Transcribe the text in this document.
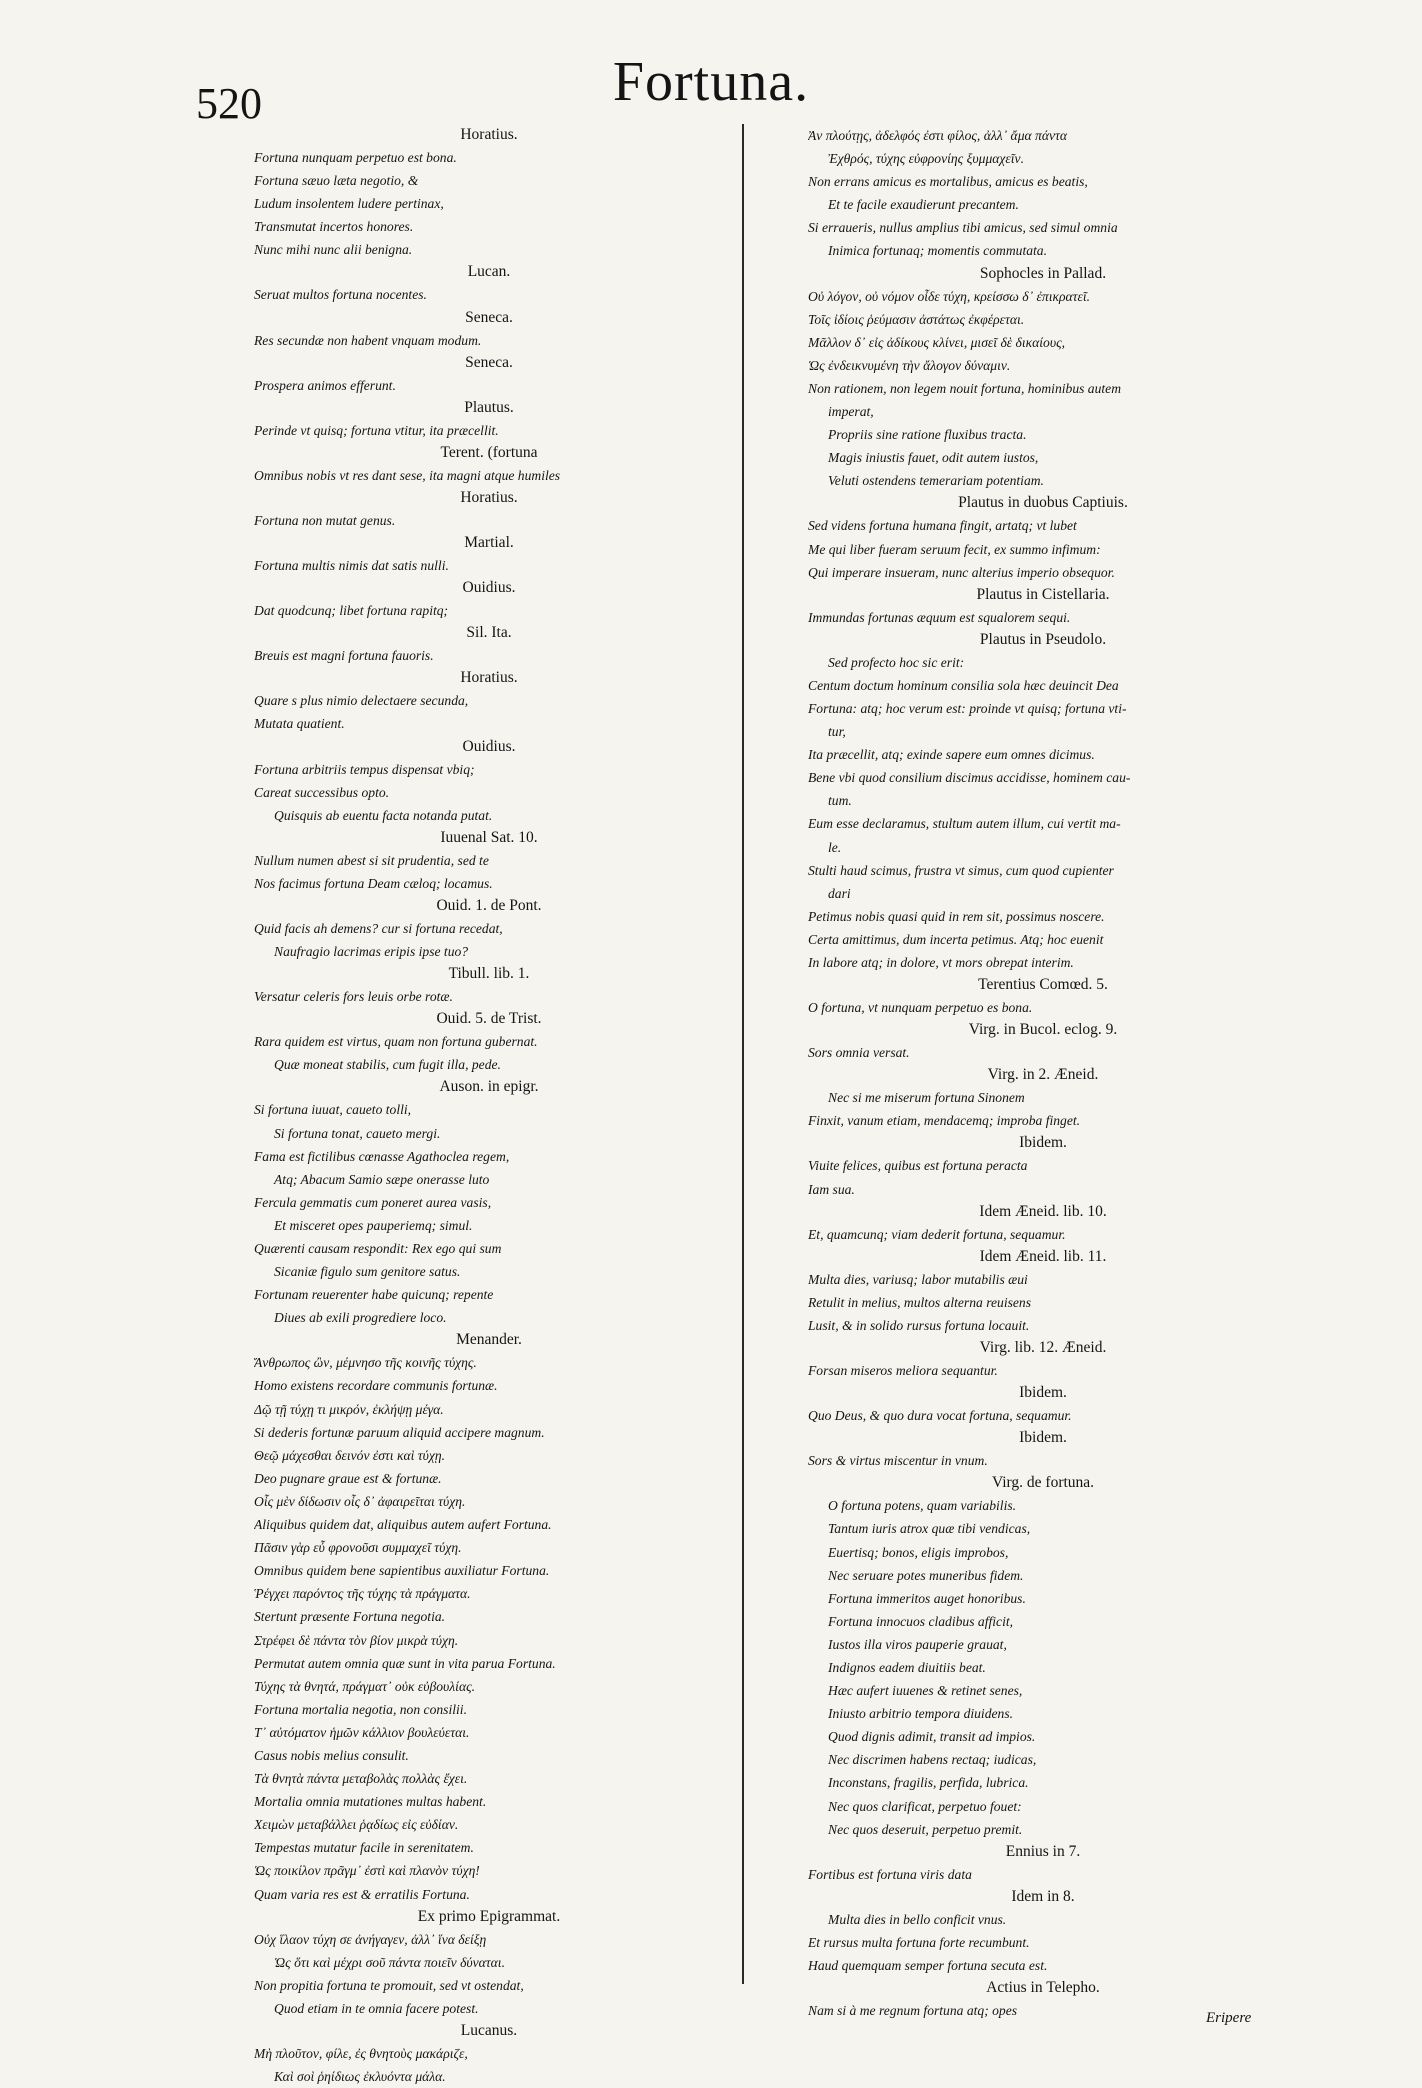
520	Fortuna.
Horatius.
Fortuna nunquam perpetuo est bona.
Fortuna sæuo læta negotio, &
Ludum insolentem ludere pertinax,
Transmutat incertos honores.
Nunc mihi nunc alii benigna.
Lucan.
Seruat multos fortuna nocentes.
Seneca.
Res secundæ non habent vnquam modum.
Seneca.
Prospera animos efferunt.
Plautus.
Perinde vt quisq; fortuna vtitur, ita præcellit.
Terent. (fortuna
Omnibus nobis vt res dant sese, ita magni atque humiles
Horatius.
Fortuna non mutat genus.
Martial.
Fortuna multis nimis dat satis nulli.
Ouidius.
Dat quodcunq; libet fortuna rapitq;
Sil. Ita.
Breuis est magni fortuna fauoris.
Horatius.
Quare s plus nimio delectaere secunda,
Mutata quatient.
Ouidius.
Fortuna arbitriis tempus dispensat vbiq;
Careat successibus opto.
Quisquis ab euentu facta notanda putat.
Iuuenal Sat. 10.
Nullum numen abest si sit prudentia, sed te
Nos facimus fortuna Deam cæloq; locamus.
Ouid. 1. de Pont.
Quid facis ah demens? cur si fortuna recedat,
Naufragio lacrimas eripis ipse tuo?
Tibull. lib. 1.
Versatur celeris fors leuis orbe rotæ.
Ouid. 5. de Trist.
Rara quidem est virtus, quam non fortuna gubernat.
Quæ moneat stabilis, cum fugit illa, pede.
Auson. in epigr.
Si fortuna iuuat, caueto tolli,
Si fortuna tonat, caueto mergi.
Fama est fictilibus cœnasse Agathoclea regem,
Atq; Abacum Samio sæpe onerasse luto
Fercula gemmatis cum poneret aurea vasis,
Et misceret opes pauperiemq; simul.
Quærenti causam respondit: Rex ego qui sum
Sicaniæ figulo sum genitore satus.
Fortunam reuerenter habe quicunq; repente
Diues ab exili progrediere loco.
Menander.
Ἄνθρωπος ὢν, μέμνησο τῆς κοινῆς τύχης.
Homo existens recordare communis fortunæ.
Δῷ τῇ τύχῃ τι μικρόν, ἐκλήψῃ μέγα.
Si dederis fortunæ paruum aliquid accipere magnum.
Θεῷ μάχεσθαι δεινόν ἐστι καὶ τύχῃ.
Deo pugnare graue est & fortunæ.
Οἷς μὲν δίδωσιν οἷς δ᾽ ἀφαιρεῖται τύχη.
Aliquibus quidem dat, aliquibus autem aufert Fortuna.
Πᾶσιν γὰρ εὖ φρονοῦσι συμμαχεῖ τύχη.
Omnibus quidem bene sapientibus auxiliatur Fortuna.
Ῥέγχει παρόντος τῆς τύχης τὰ πράγματα.
Stertunt præsente Fortuna negotia.
Στρέφει δὲ πάντα τὸν βίον μικρὰ τύχη.
Permutat autem omnia quæ sunt in vita parua Fortuna.
Τύχης τὰ θνητά, πράγματ᾽ οὐκ εὐβουλίας.
Fortuna mortalia negotia, non consilii.
Τ᾽ αὐτόματον ἡμῶν κάλλιον βουλεύεται.
Casus nobis melius consulit.
Τὰ θνητὰ πάντα μεταβολὰς πολλὰς ἔχει.
Mortalia omnia mutationes multas habent.
Χειμὼν μεταβάλλει ῥᾳδίως εἰς εὐδίαν.
Tempestas mutatur facile in serenitatem.
Ὡς ποικίλον πρᾶγμ᾽ ἐστὶ καὶ πλανὸν τύχη!
Quam varia res est & erratilis Fortuna.
Ex primo Epigrammat.
Οὐχ ἵλαον τύχη σε ἀνήγαγεν, ἀλλ᾽ ἵνα δείξῃ
Ὡς ὅτι καὶ μέχρι σοῦ πάντα ποιεῖν δύναται.
Non propitia fortuna te promouit, sed vt ostendat,
Quod etiam in te omnia facere potest.
Lucanus.
Μὴ πλοῦτον, φίλε, ἐς θνητοὺς μακάριζε,
Καὶ σοὶ ῥηίδιως ἐκλυόντα μάλα.
Ἀν πλούτῃς, ἀδελφός ἐστι φίλος, ἀλλ᾽ ἄμα πάντα
Ἐχθρός, τύχης εὐφρονίης ξυμμαχεῖν.
Non errans amicus es mortalibus, amicus es beatis,
Et te facile exaudierunt precantem.
Si erraueris, nullus amplius tibi amicus, sed simul omnia
Inimica fortunaq; momentis commutata.
Sophocles in Pallad.
Οὐ λόγον, οὐ νόμον οἶδε τύχη, κρείσσω δ᾽ ἐπικρατεῖ.
Τοῖς ἰδίοις ῥεύμασιν ἀστάτως ἐκφέρεται.
Μᾶλλον δ᾽ εἰς ἀδίκους κλίνει, μισεῖ δὲ δικαίους,
Ὡς ἐνδεικνυμένη τὴν ἄλογον δύναμιν.
Non rationem, non legem nouit fortuna, hominibus autem
imperat,
Propriis sine ratione fluxibus tracta.
Magis iniustis fauet, odit autem iustos,
Veluti ostendens temerariam potentiam.
Plautus in duobus Captiuis.
Sed videns fortuna humana fingit, artatq; vt lubet
Me qui liber fueram seruum fecit, ex summo infimum:
Qui imperare insueram, nunc alterius imperio obsequor.
Plautus in Cistellaria.
Immundas fortunas æquum est squalorem sequi.
Plautus in Pseudolo.
Sed profecto hoc sic erit:
Centum doctum hominum consilia sola hæc deuincit Dea
Fortuna: atq; hoc verum est: proinde vt quisq; fortuna vti-
tur,
Ita præcellit, atq; exinde sapere eum omnes dicimus.
Bene vbi quod consilium discimus accidisse, hominem cau-
tum.
Eum esse declaramus, stultum autem illum, cui vertit ma-
le.
Stulti haud scimus, frustra vt simus, cum quod cupienter
dari
Petimus nobis quasi quid in rem sit, possimus noscere.
Certa amittimus, dum incerta petimus. Atq; hoc euenit
In labore atq; in dolore, vt mors obrepat interim.
Terentius Comœd. 5.
O fortuna, vt nunquam perpetuo es bona.
Virg. in Bucol. eclog. 9.
Sors omnia versat.
Virg. in 2. Æneid.
Nec si me miserum fortuna Sinonem
Finxit, vanum etiam, mendacemq; improba finget.
Ibidem.
Viuite felices, quibus est fortuna peracta
Iam sua.
Idem Æneid. lib. 10.
Et, quamcunq; viam dederit fortuna, sequamur.
Idem Æneid. lib. 11.
Multa dies, variusq; labor mutabilis æui
Retulit in melius, multos alterna reuisens
Lusit, & in solido rursus fortuna locauit.
Virg. lib. 12. Æneid.
Forsan miseros meliora sequantur.
Ibidem.
Quo Deus, & quo dura vocat fortuna, sequamur.
Ibidem.
Sors & virtus miscentur in vnum.
Virg. de fortuna.
O fortuna potens, quam variabilis.
Tantum iuris atrox quæ tibi vendicas,
Euertisq; bonos, eligis improbos,
Nec seruare potes muneribus fidem.
Fortuna immeritos auget honoribus.
Fortuna innocuos cladibus afficit,
Iustos illa viros pauperie grauat,
Indignos eadem diuitiis beat.
Hæc aufert iuuenes & retinet senes,
Iniusto arbitrio tempora diuidens.
Quod dignis adimit, transit ad impios.
Nec discrimen habens rectaq; iudicas,
Inconstans, fragilis, perfida, lubrica.
Nec quos clarificat, perpetuo fouet:
Nec quos deseruit, perpetuo premit.
Ennius in 7.
Fortibus est fortuna viris data
Idem in 8.
Multa dies in bello conficit vnus.
Et rursus multa fortuna forte recumbunt.
Haud quemquam semper fortuna secuta est.
Actius in Telepho.
Nam si à me regnum fortuna atq; opes	Eripere
